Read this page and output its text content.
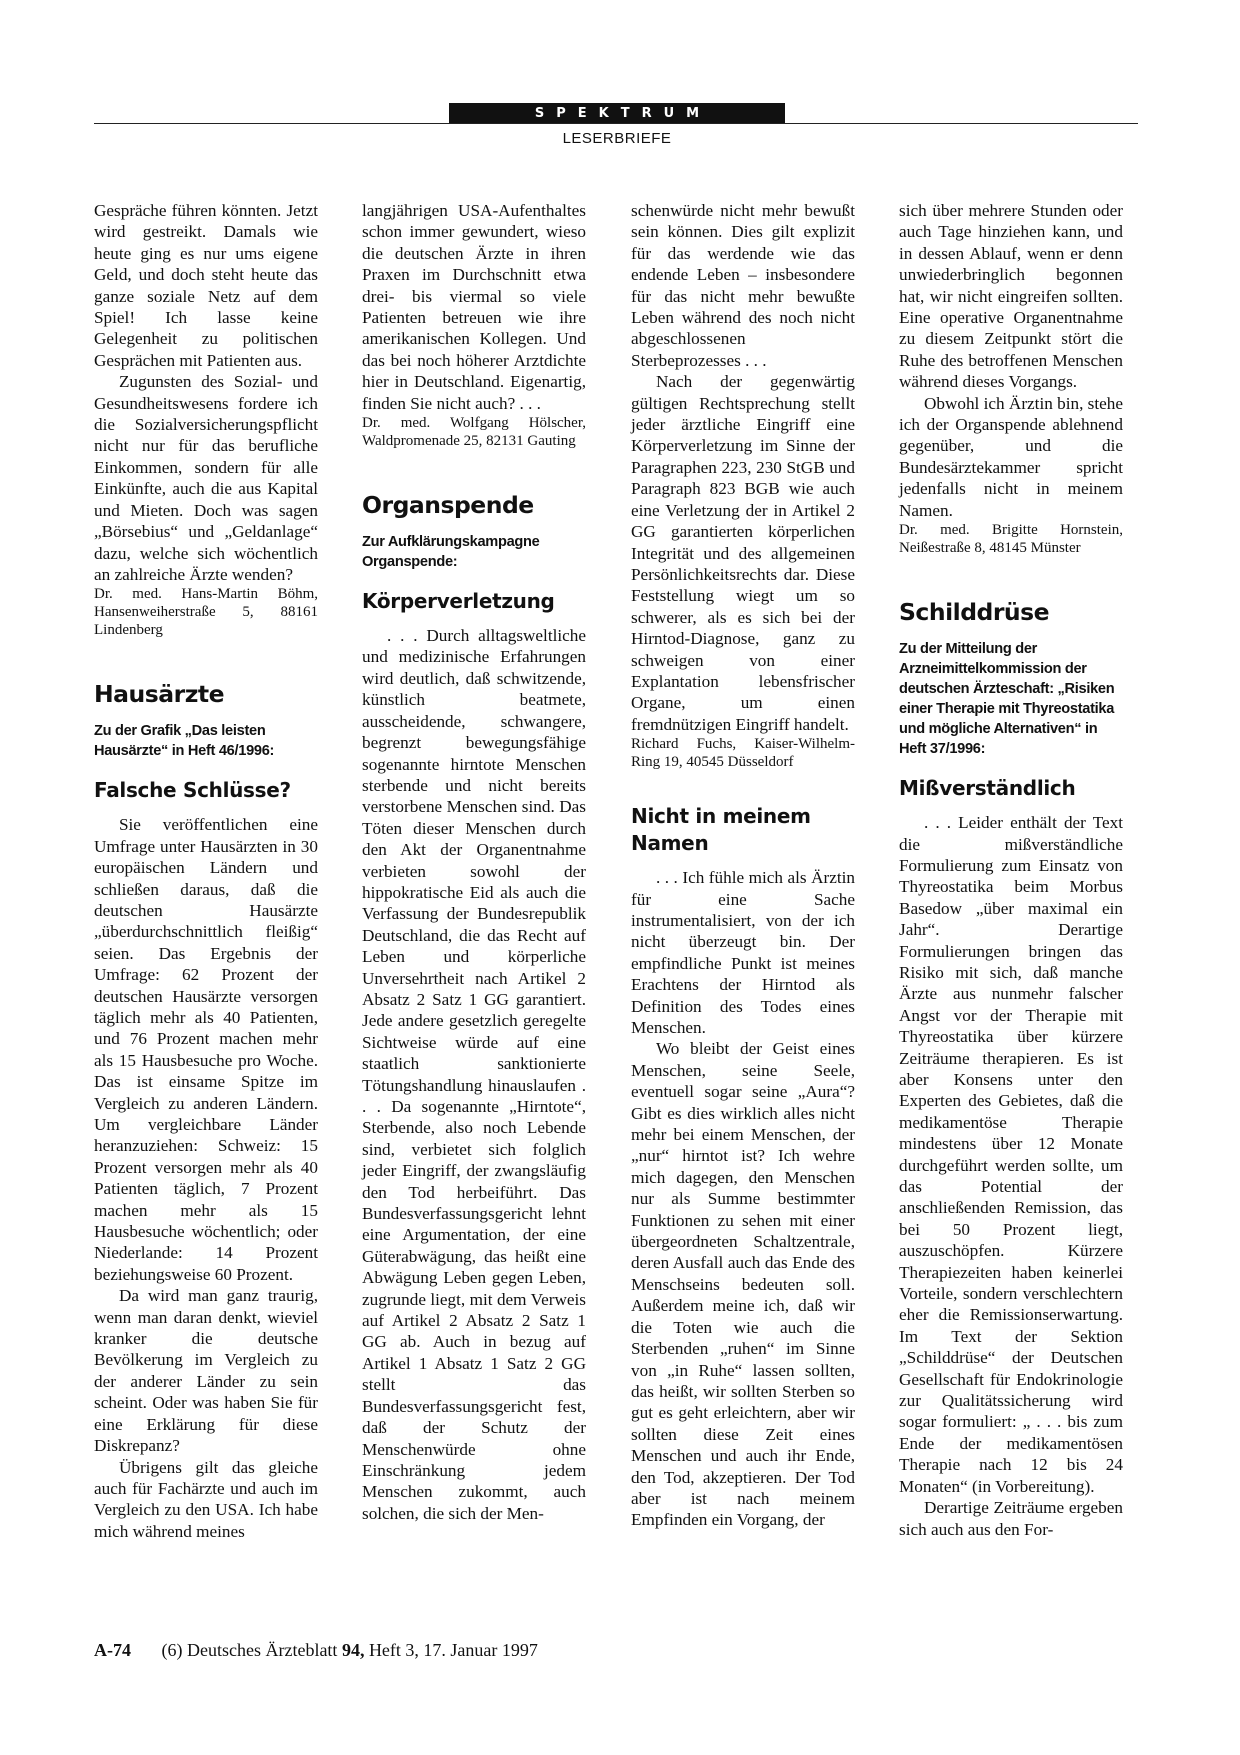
SPEKTRUM
LESERBRIEFE

Gespräche führen könnten. Jetzt wird gestreikt. Damals wie heute ging es nur ums eigene Geld, und doch steht heute das ganze soziale Netz auf dem Spiel! Ich lasse keine Gelegenheit zu politischen Gesprächen mit Patienten aus.

Zugunsten des Sozial- und Gesundheitswesens fordere ich die Sozialversicherungspflicht nicht nur für das berufliche Einkommen, sondern für alle Einkünfte, auch die aus Kapital und Mieten. Doch was sagen „Börsebius“ und „Geldanlage“ dazu, welche sich wöchentlich an zahlreiche Ärzte wenden?

Dr. med. Hans-Martin Böhm, Hansenweiherstraße 5, 88161 Lindenberg

Hausärzte
Zu der Grafik „Das leisten Hausärzte“ in Heft 46/1996:
Falsche Schlüsse?

Sie veröffentlichen eine Umfrage unter Hausärzten in 30 europäischen Ländern und schließen daraus, daß die deutschen Hausärzte „überdurchschnittlich fleißig“ seien. Das Ergebnis der Umfrage: 62 Prozent der deutschen Hausärzte versorgen täglich mehr als 40 Patienten, und 76 Prozent machen mehr als 15 Hausbesuche pro Woche. Das ist einsame Spitze im Vergleich zu anderen Ländern. Um vergleichbare Länder heranzuziehen: Schweiz: 15 Prozent versorgen mehr als 40 Patienten täglich, 7 Prozent machen mehr als 15 Hausbesuche wöchentlich; oder Niederlande: 14 Prozent beziehungsweise 60 Prozent.

Da wird man ganz traurig, wenn man daran denkt, wieviel kranker die deutsche Bevölkerung im Vergleich zu der anderer Länder zu sein scheint. Oder was haben Sie für eine Erklärung für diese Diskrepanz?

Übrigens gilt das gleiche auch für Fachärzte und auch im Vergleich zu den USA. Ich habe mich während meines

langjährigen USA-Aufenthaltes schon immer gewundert, wieso die deutschen Ärzte in ihren Praxen im Durchschnitt etwa drei- bis viermal so viele Patienten betreuen wie ihre amerikanischen Kollegen. Und das bei noch höherer Arztdichte hier in Deutschland. Eigenartig, finden Sie nicht auch? . . .

Dr. med. Wolfgang Hölscher, Waldpromenade 25, 82131 Gauting

Organspende
Zur Aufklärungskampagne Organspende:
Körperverletzung

. . . Durch alltagsweltliche und medizinische Erfahrungen wird deutlich, daß schwitzende, künstlich beatmete, ausscheidende, schwangere, begrenzt bewegungsfähige sogenannte hirntote Menschen sterbende und nicht bereits verstorbene Menschen sind. Das Töten dieser Menschen durch den Akt der Organentnahme verbieten sowohl der hippokratische Eid als auch die Verfassung der Bundesrepublik Deutschland, die das Recht auf Leben und körperliche Unversehrtheit nach Artikel 2 Absatz 2 Satz 1 GG garantiert. Jede andere gesetzlich geregelte Sichtweise würde auf eine staatlich sanktionierte Tötungshandlung hinauslaufen . . . Da sogenannte „Hirntote“, Sterbende, also noch Lebende sind, verbietet sich folglich jeder Eingriff, der zwangsläufig den Tod herbeiführt. Das Bundesverfassungsgericht lehnt eine Argumentation, der eine Güterabwägung, das heißt eine Abwägung Leben gegen Leben, zugrunde liegt, mit dem Verweis auf Artikel 2 Absatz 2 Satz 1 GG ab. Auch in bezug auf Artikel 1 Absatz 1 Satz 2 GG stellt das Bundesverfassungsgericht fest, daß der Schutz der Menschenwürde ohne Einschränkung jedem Menschen zukommt, auch solchen, die sich der Men-

schenwürde nicht mehr bewußt sein können. Dies gilt explizit für das werdende wie das endende Leben – insbesondere für das nicht mehr bewußte Leben während des noch nicht abgeschlossenen Sterbeprozesses . . .

Nach der gegenwärtig gültigen Rechtsprechung stellt jeder ärztliche Eingriff eine Körperverletzung im Sinne der Paragraphen 223, 230 StGB und Paragraph 823 BGB wie auch eine Verletzung der in Artikel 2 GG garantierten körperlichen Integrität und des allgemeinen Persönlichkeitsrechts dar. Diese Feststellung wiegt um so schwerer, als es sich bei der Hirntod-Diagnose, ganz zu schweigen von einer Explantation lebensfrischer Organe, um einen fremdnützigen Eingriff handelt.

Richard Fuchs, Kaiser-Wilhelm-Ring 19, 40545 Düsseldorf

Nicht in meinem Namen

. . . Ich fühle mich als Ärztin für eine Sache instrumentalisiert, von der ich nicht überzeugt bin. Der empfindliche Punkt ist meines Erachtens der Hirntod als Definition des Todes eines Menschen.

Wo bleibt der Geist eines Menschen, seine Seele, eventuell sogar seine „Aura“? Gibt es dies wirklich alles nicht mehr bei einem Menschen, der „nur“ hirntot ist? Ich wehre mich dagegen, den Menschen nur als Summe bestimmter Funktionen zu sehen mit einer übergeordneten Schaltzentrale, deren Ausfall auch das Ende des Menschseins bedeuten soll. Außerdem meine ich, daß wir die Toten wie auch die Sterbenden „ruhen“ im Sinne von „in Ruhe“ lassen sollten, das heißt, wir sollten Sterben so gut es geht erleichtern, aber wir sollten diese Zeit eines Menschen und auch ihr Ende, den Tod, akzeptieren. Der Tod aber ist nach meinem Empfinden ein Vorgang, der

sich über mehrere Stunden oder auch Tage hinziehen kann, und in dessen Ablauf, wenn er denn unwiederbringlich begonnen hat, wir nicht eingreifen sollten. Eine operative Organentnahme zu diesem Zeitpunkt stört die Ruhe des betroffenen Menschen während dieses Vorgangs.

Obwohl ich Ärztin bin, stehe ich der Organspende ablehnend gegenüber, und die Bundesärztekammer spricht jedenfalls nicht in meinem Namen.

Dr. med. Brigitte Hornstein, Neißestraße 8, 48145 Münster

Schilddrüse
Zu der Mitteilung der Arzneimittelkommission der deutschen Ärzteschaft: „Risiken einer Therapie mit Thyreostatika und mögliche Alternativen“ in Heft 37/1996:
Mißverständlich

. . . Leider enthält der Text die mißverständliche Formulierung zum Einsatz von Thyreostatika beim Morbus Basedow „über maximal ein Jahr“. Derartige Formulierungen bringen das Risiko mit sich, daß manche Ärzte aus nunmehr falscher Angst vor der Therapie mit Thyreostatika über kürzere Zeiträume therapieren. Es ist aber Konsens unter den Experten des Gebietes, daß die medikamentöse Therapie mindestens über 12 Monate durchgeführt werden sollte, um das Potential der anschließenden Remission, das bei 50 Prozent liegt, auszuschöpfen. Kürzere Therapiezeiten haben keinerlei Vorteile, sondern verschlechtern eher die Remissionserwartung. Im Text der Sektion „Schilddrüse“ der Deutschen Gesellschaft für Endokrinologie zur Qualitätssicherung wird sogar formuliert: „ . . . bis zum Ende der medikamentösen Therapie nach 12 bis 24 Monaten“ (in Vorbereitung).

Derartige Zeiträume ergeben sich auch aus den For-

A-74 (6) Deutsches Ärzteblatt 94, Heft 3, 17. Januar 1997
